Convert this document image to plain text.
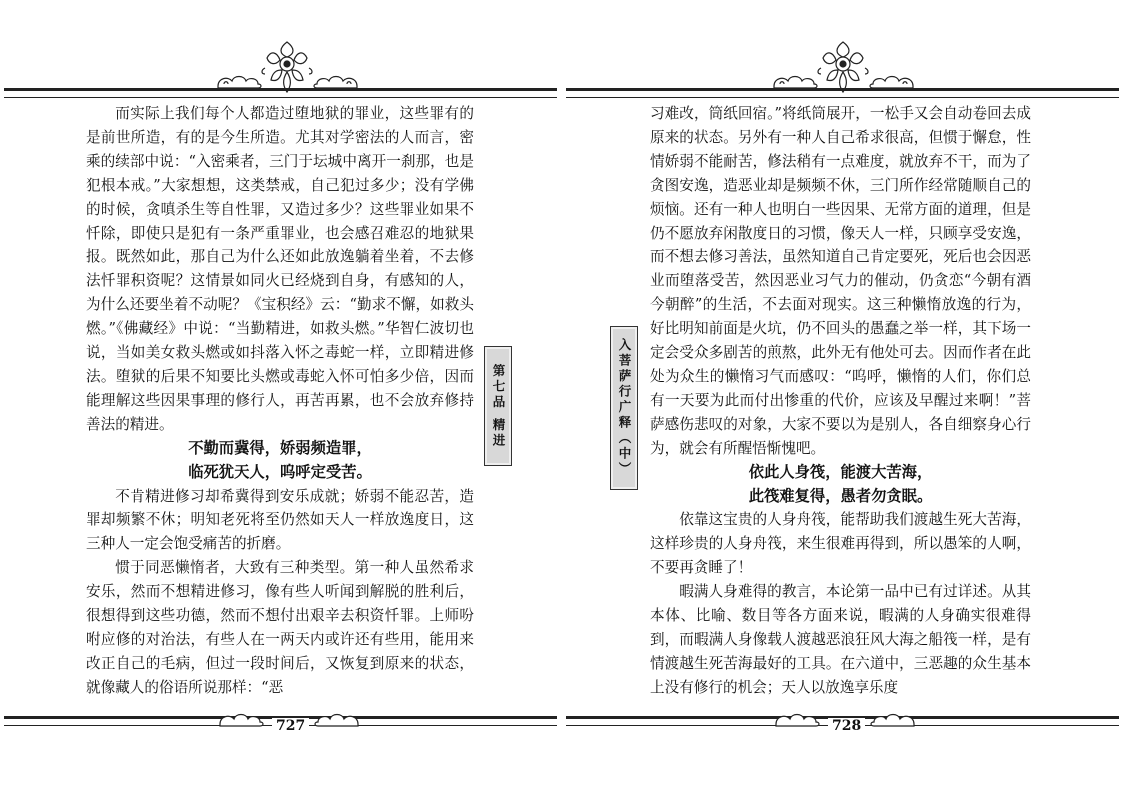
而实际上我们每个人都造过堕地狱的罪业，这些罪有的是前世所造，有的是今生所造。尤其对学密法的人而言，密乘的续部中说：“入密乘者，三门于坛城中离开一刹那，也是犯根本戒。”大家想想，这类禁戒，自己犯过多少；没有学佛的时候，贪嗔杀生等自性罪，又造过多少？这些罪业如果不忏除，即使只是犯有一条严重罪业，也会感召难忍的地狱果报。既然如此，那自己为什么还如此放逸躺着坐着，不去修法忏罪积资呢？这情景如同火已经烧到自身，有感知的人，为什么还要坐着不动呢？《宝积经》云：“勤求不懈，如救头燃。”《佛藏经》中说：“当勤精进，如救头燃。”华智仁波切也说，当如美女救头燃或如抖落入怀之毒蛇一样，立即精进修法。堕狱的后果不知要比头燃或毒蛇入怀可怕多少倍，因而能理解这些因果事理的修行人，再苦再累，也不会放弃修持善法的精进。

不勤而冀得，娇弱频造罪，
临死犹天人，呜呼定受苦。

不肯精进修习却希冀得到安乐成就；娇弱不能忍苦，造罪却频繁不休；明知老死将至仍然如天人一样放逸度日，这三种人一定会饱受痛苦的折磨。

惯于同恶懒惰者，大致有三种类型。第一种人虽然希求安乐，然而不想精进修习，像有些人听闻到解脱的胜利后，很想得到这些功德，然而不想付出艰辛去积资忏罪。上师吩咐应修的对治法，有些人在一两天内或许还有些用，能用来改正自己的毛病，但过一段时间后，又恢复到原来的状态，就像藏人的俗语所说那样：“恶

第七品 精进
727
入菩萨行广释（中）

习难改，筒纸回宿。”将纸筒展开，一松手又会自动卷回去成原来的状态。另外有一种人自己希求很高，但惯于懈怠，性情娇弱不能耐苦，修法稍有一点难度，就放弃不干，而为了贪图安逸，造恶业却是频频不休，三门所作经常随顺自己的烦恼。还有一种人也明白一些因果、无常方面的道理，但是仍不愿放弃闲散度日的习惯，像天人一样，只顾享受安逸，而不想去修习善法，虽然知道自己肯定要死，死后也会因恶业而堕落受苦，然因恶业习气力的催动，仍贪恋“今朝有酒今朝醉”的生活，不去面对现实。这三种懒惰放逸的行为，好比明知前面是火坑，仍不回头的愚蠢之举一样，其下场一定会受众多剧苦的煎熬，此外无有他处可去。因而作者在此处为众生的懒惰习气而感叹：“呜呼，懒惰的人们，你们总有一天要为此而付出惨重的代价，应该及早醒过来啊！”菩萨感伤悲叹的对象，大家不要以为是别人，各自细察身心行为，就会有所醒悟惭愧吧。

依此人身筏，能渡大苦海，
此筏难复得，愚者勿贪眠。

依靠这宝贵的人身舟筏，能帮助我们渡越生死大苦海，这样珍贵的人身舟筏，来生很难再得到，所以愚笨的人啊，不要再贪睡了！

暇满人身难得的教言，本论第一品中已有过详述。从其本体、比喻、数目等各方面来说，暇满的人身确实很难得到，而暇满人身像载人渡越恶浪狂风大海之船筏一样，是有情渡越生死苦海最好的工具。在六道中，三恶趣的众生基本上没有修行的机会；天人以放逸享乐度

728
